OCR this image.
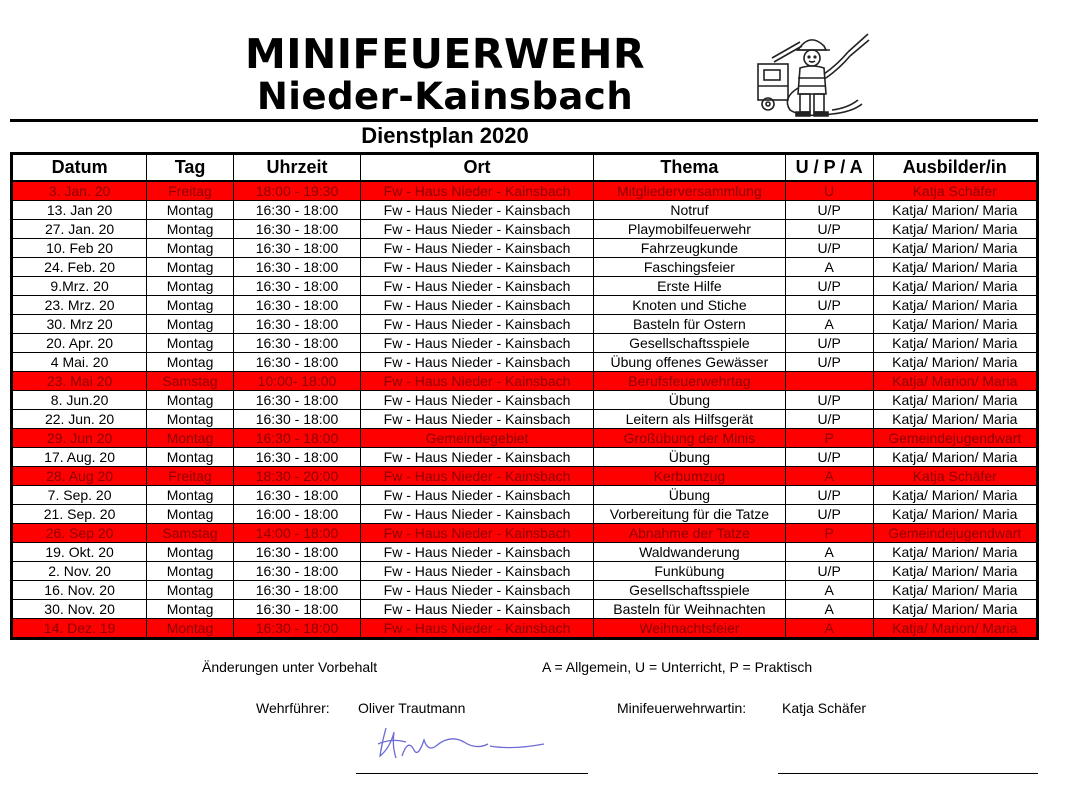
MINIFEUERWEHR
Nieder-Kainsbach
Dienstplan 2020
Datum	Tag	Uhrzeit	Ort	Thema	U / P / A	Ausbilder/in
3. Jan. 20	Freitag	18:00 - 19:30	Fw - Haus Nieder - Kainsbach	Mitgliederversammlung	U	Katja Schäfer
13. Jan 20	Montag	16:30 - 18:00	Fw - Haus Nieder - Kainsbach	Notruf	U/P	Katja/ Marion/ Maria
27. Jan. 20	Montag	16:30 - 18:00	Fw - Haus Nieder - Kainsbach	Playmobilfeuerwehr	U/P	Katja/ Marion/ Maria
10. Feb 20	Montag	16:30 - 18:00	Fw - Haus Nieder - Kainsbach	Fahrzeugkunde	U/P	Katja/ Marion/ Maria
24. Feb. 20	Montag	16:30 - 18:00	Fw - Haus Nieder - Kainsbach	Faschingsfeier	A	Katja/ Marion/ Maria
9.Mrz. 20	Montag	16:30 - 18:00	Fw - Haus Nieder - Kainsbach	Erste Hilfe	U/P	Katja/ Marion/ Maria
23. Mrz. 20	Montag	16:30 - 18:00	Fw - Haus Nieder - Kainsbach	Knoten und Stiche	U/P	Katja/ Marion/ Maria
30. Mrz 20	Montag	16:30 - 18:00	Fw - Haus Nieder - Kainsbach	Basteln für Ostern	A	Katja/ Marion/ Maria
20. Apr. 20	Montag	16:30 - 18:00	Fw - Haus Nieder - Kainsbach	Gesellschaftsspiele	U/P	Katja/ Marion/ Maria
4 Mai. 20	Montag	16:30 - 18:00	Fw - Haus Nieder - Kainsbach	Übung offenes Gewässer	U/P	Katja/ Marion/ Maria
23. Mai 20	Samstag	10:00- 18:00	Fw - Haus Nieder - Kainsbach	Berufsfeuerwehrtag		Katja/ Marion/ Maria
8. Jun.20	Montag	16:30 - 18:00	Fw - Haus Nieder - Kainsbach	Übung	U/P	Katja/ Marion/ Maria
22. Jun. 20	Montag	16:30 - 18:00	Fw - Haus Nieder - Kainsbach	Leitern als Hilfsgerät	U/P	Katja/ Marion/ Maria
29. Jun 20	Montag	16:30 - 18:00	Gemeindegebiet	Großübung der Minis	P	Gemeindejugendwart
17. Aug. 20	Montag	16:30 - 18:00	Fw - Haus Nieder - Kainsbach	Übung	U/P	Katja/ Marion/ Maria
28. Aug 20	Freitag	18:30 - 20:00	Fw - Haus Nieder - Kainsbach	Kerbumzug	A	Katja Schäfer
7. Sep. 20	Montag	16:30 - 18:00	Fw - Haus Nieder - Kainsbach	Übung	U/P	Katja/ Marion/ Maria
21. Sep. 20	Montag	16:00 - 18:00	Fw - Haus Nieder - Kainsbach	Vorbereitung für die Tatze	U/P	Katja/ Marion/ Maria
26. Sep 20	Samstag	14:00 - 18:00	Fw - Haus Nieder - Kainsbach	Abnahme der Tatze	P	Gemeindejugendwart
19. Okt. 20	Montag	16:30 - 18:00	Fw - Haus Nieder - Kainsbach	Waldwanderung	A	Katja/ Marion/ Maria
2. Nov. 20	Montag	16:30 - 18:00	Fw - Haus Nieder - Kainsbach	Funkübung	U/P	Katja/ Marion/ Maria
16. Nov. 20	Montag	16:30 - 18:00	Fw - Haus Nieder - Kainsbach	Gesellschaftsspiele	A	Katja/ Marion/ Maria
30. Nov. 20	Montag	16:30 - 18:00	Fw - Haus Nieder - Kainsbach	Basteln für Weihnachten	A	Katja/ Marion/ Maria
14. Dez. 19	Montag	16:30 - 18:00	Fw - Haus Nieder - Kainsbach	Weihnachtsfeier	A	Katja/ Marion/ Maria
Änderungen unter Vorbehalt	A = Allgemein, U = Unterricht, P = Praktisch
Wehrführer: Oliver Trautmann	Minifeuerwehrwartin:	Katja Schäfer
